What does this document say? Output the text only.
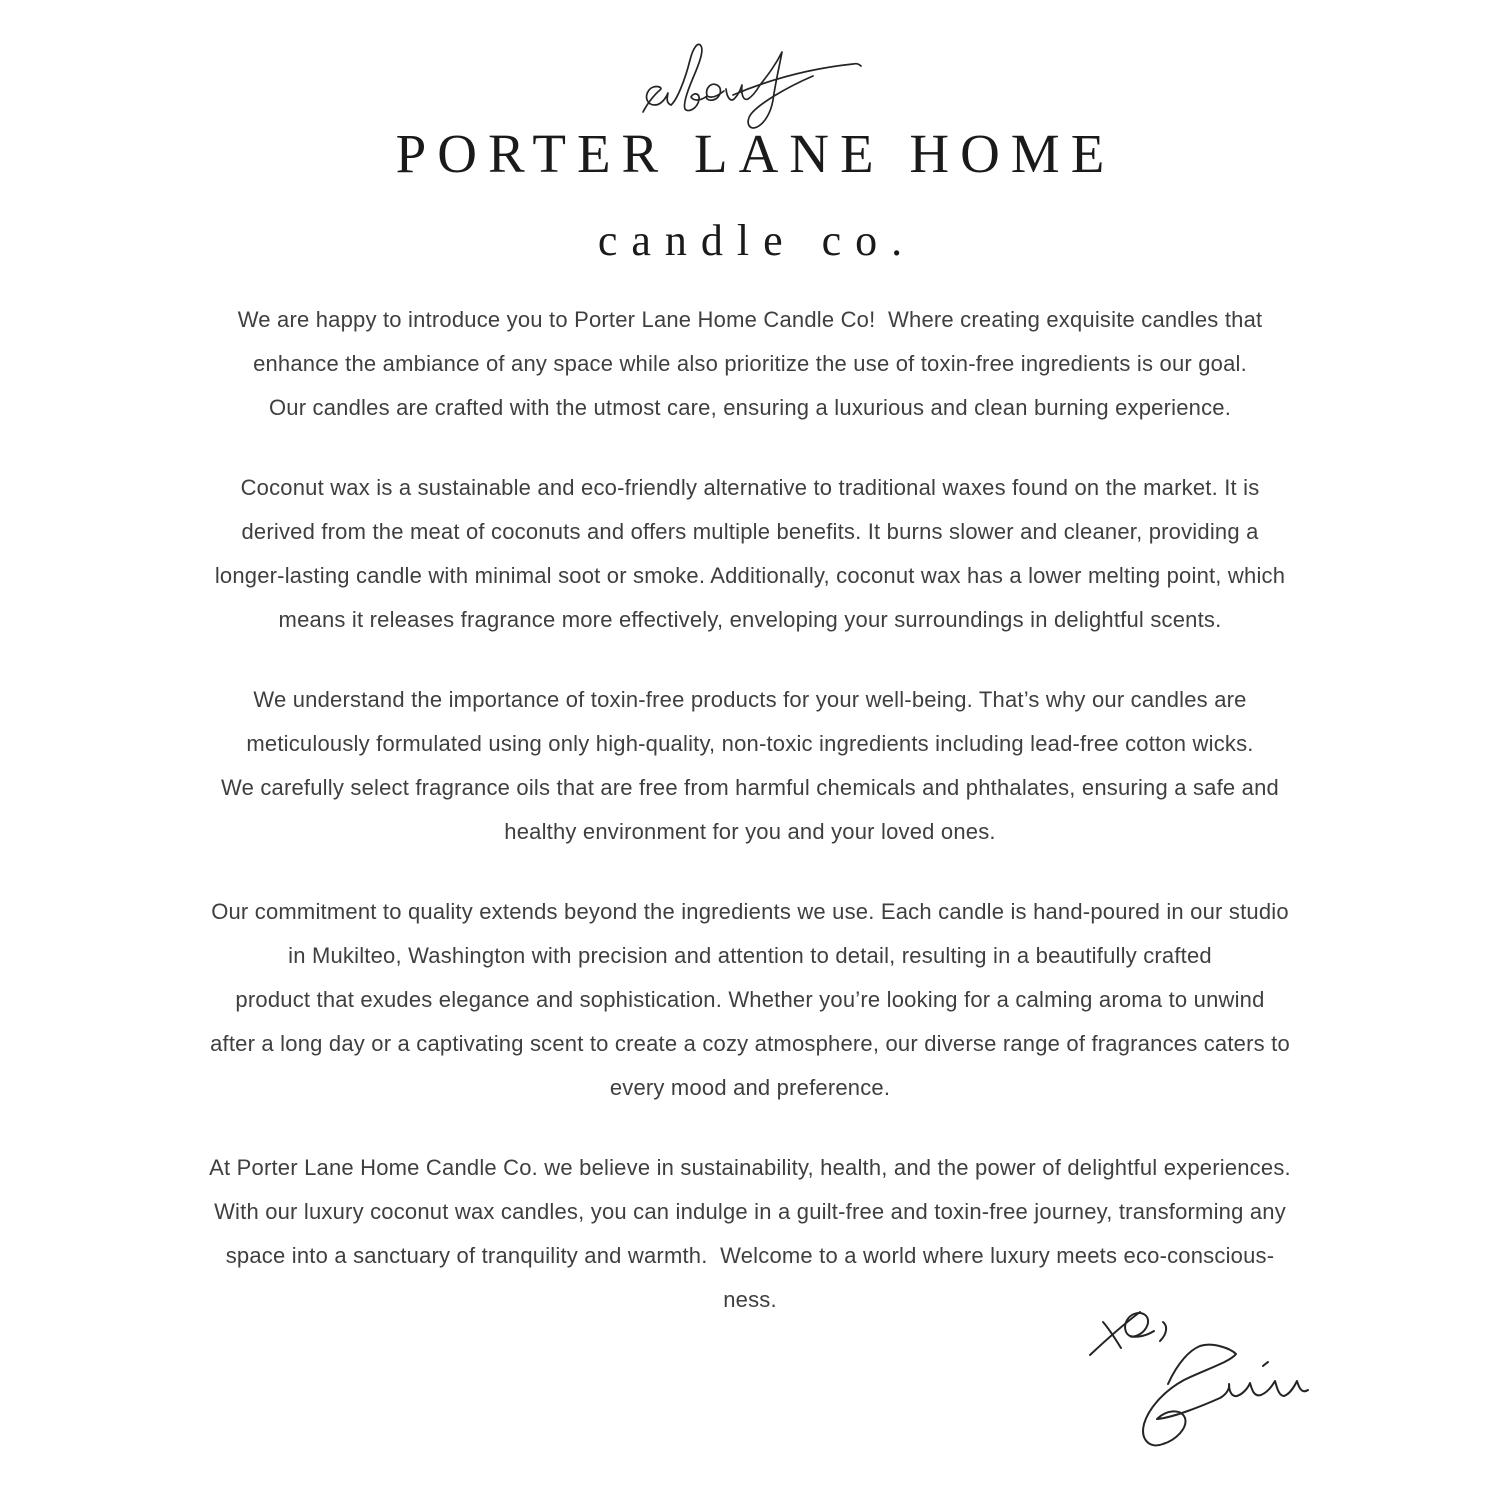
PORTER LANE HOME
candle co.
We are happy to introduce you to Porter Lane Home Candle Co!  Where creating exquisite candles that
enhance the ambiance of any space while also prioritize the use of toxin-free ingredients is our goal.
Our candles are crafted with the utmost care, ensuring a luxurious and clean burning experience.
Coconut wax is a sustainable and eco-friendly alternative to traditional waxes found on the market. It is
derived from the meat of coconuts and offers multiple benefits. It burns slower and cleaner, providing a
longer-lasting candle with minimal soot or smoke. Additionally, coconut wax has a lower melting point, which
means it releases fragrance more effectively, enveloping your surroundings in delightful scents.
We understand the importance of toxin-free products for your well-being. That’s why our candles are
meticulously formulated using only high-quality, non-toxic ingredients including lead-free cotton wicks.
We carefully select fragrance oils that are free from harmful chemicals and phthalates, ensuring a safe and
healthy environment for you and your loved ones.
Our commitment to quality extends beyond the ingredients we use. Each candle is hand-poured in our studio
in Mukilteo, Washington with precision and attention to detail, resulting in a beautifully crafted
product that exudes elegance and sophistication. Whether you’re looking for a calming aroma to unwind
after a long day or a captivating scent to create a cozy atmosphere, our diverse range of fragrances caters to
every mood and preference.
At Porter Lane Home Candle Co. we believe in sustainability, health, and the power of delightful experiences.
With our luxury coconut wax candles, you can indulge in a guilt-free and toxin-free journey, transforming any
space into a sanctuary of tranquility and warmth.  Welcome to a world where luxury meets eco-conscious-
ness.
